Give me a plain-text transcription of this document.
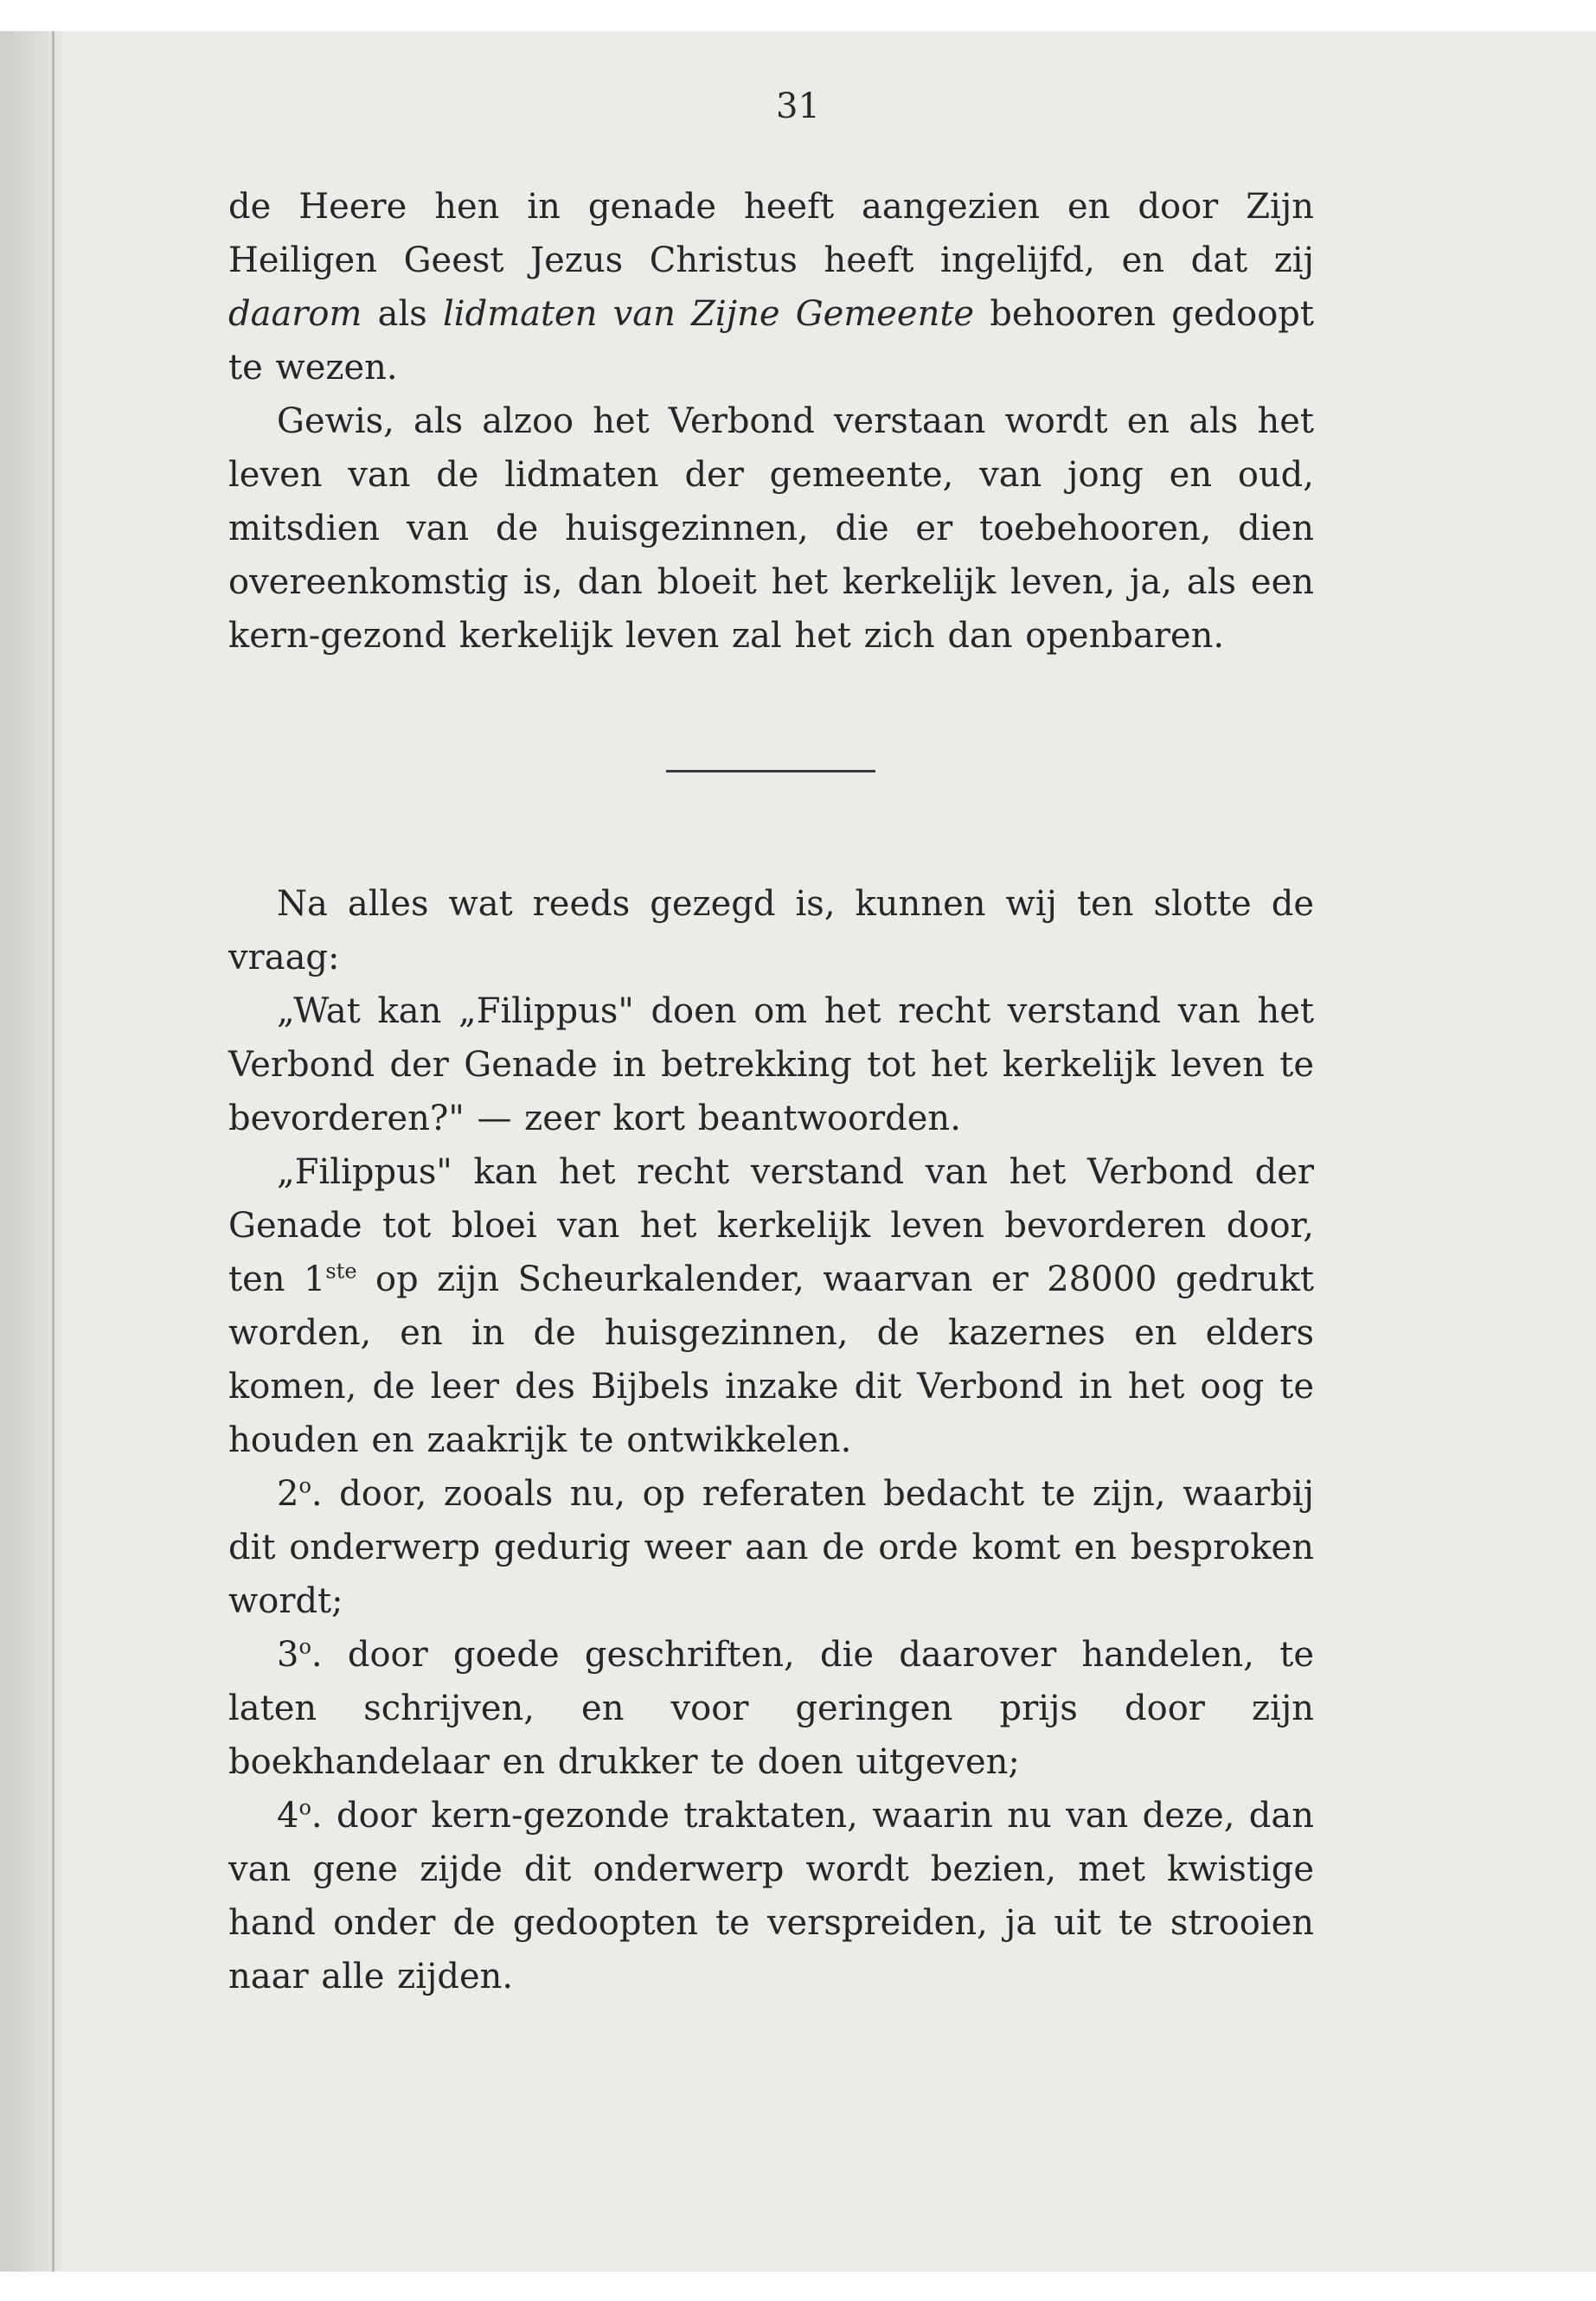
31

de Heere hen in genade heeft aangezien en door Zijn Heiligen Geest Jezus Christus heeft ingelijfd, en dat zij daarom als lidmaten van Zijne Gemeente behooren gedoopt te wezen.

Gewis, als alzoo het Verbond verstaan wordt en als het leven van de lidmaten der gemeente, van jong en oud, mitsdien van de huisgezinnen, die er toebehooren, dien overeenkomstig is, dan bloeit het kerkelijk leven, ja, als een kern-gezond kerkelijk leven zal het zich dan openbaren.

Na alles wat reeds gezegd is, kunnen wij ten slotte de vraag:

„Wat kan „Filippus" doen om het recht verstand van het Verbond der Genade in betrekking tot het kerkelijk leven te bevorderen?" — zeer kort beantwoorden.

„Filippus" kan het recht verstand van het Verbond der Genade tot bloei van het kerkelijk leven bevorderen door, ten 1ste op zijn Scheurkalender, waarvan er 28000 gedrukt worden, en in de huisgezinnen, de kazernes en elders komen, de leer des Bijbels inzake dit Verbond in het oog te houden en zaakrijk te ontwikkelen.

2$^o$. door, zooals nu, op referaten bedacht te zijn, waarbij dit onderwerp gedurig weer aan de orde komt en besproken wordt;

3$^o$. door goede geschriften, die daarover handelen, te laten schrijven, en voor geringen prijs door zijn boekhandelaar en drukker te doen uitgeven;

4$^o$. door kern-gezonde traktaten, waarin nu van deze, dan van gene zijde dit onderwerp wordt bezien, met kwistige hand onder de gedoopten te verspreiden, ja uit te strooien naar alle zijden.
